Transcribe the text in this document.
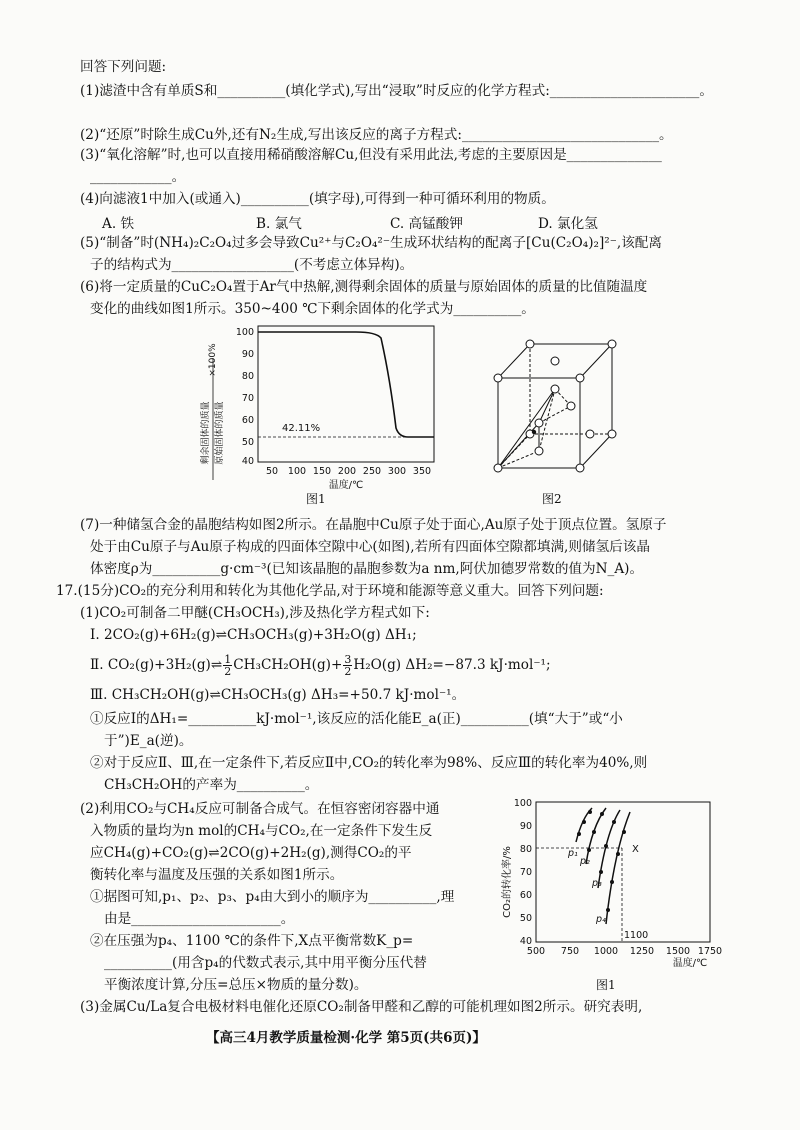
回答下列问题:
(1)滤渣中含有单质S和__________(填化学式),写出“浸取”时反应的化学方程式:______________________。
(2)“还原”时除生成Cu外,还有N₂生成,写出该反应的离子方程式:_____________________________。
(3)“氧化溶解”时,也可以直接用稀硝酸溶解Cu,但没有采用此法,考虑的主要原因是______________
____________。
(4)向滤液1中加入(或通入)__________(填字母),可得到一种可循环利用的物质。
A. 铁	B. 氯气	C. 高锰酸钾	D. 氯化氢
(5)“制备”时(NH₄)₂C₂O₄过多会导致Cu²⁺与C₂O₄²⁻生成环状结构的配离子[Cu(C₂O₄)₂]²⁻,该配离
子的结构式为__________________(不考虑立体异构)。
(6)将一定质量的CuC₂O₄置于Ar气中热解,测得剩余固体的质量与原始固体的质量的比值随温度
变化的曲线如图1所示。350~400 ℃下剩余固体的化学式为__________。
剩余固体的质量 原始固体的质量
×100%
100
90
80
70
60
50
40
50 100 150 200 250 300 350
温度/℃
42.11%
图1	图2
(7)一种储氢合金的晶胞结构如图2所示。在晶胞中Cu原子处于面心,Au原子处于顶点位置。氢原子
处于由Cu原子与Au原子构成的四面体空隙中心(如图),若所有四面体空隙都填满,则储氢后该晶
体密度ρ为__________g·cm⁻³(已知该晶胞的晶胞参数为a nm,阿伏加德罗常数的值为N_A)。
17.(15分)CO₂的充分利用和转化为其他化学品,对于环境和能源等意义重大。回答下列问题:
(1)CO₂可制备二甲醚(CH₃OCH₃),涉及热化学方程式如下:
Ⅰ. 2CO₂(g)+6H₂(g)⇌CH₃OCH₃(g)+3H₂O(g) ΔH₁;
Ⅱ. CO₂(g)+3H₂(g)⇌ $\frac{1}{2} CH_3CH_2OH(g)+ \frac{3}{2} H_2O(g)$ ΔH₂=−87.3 kJ·mol⁻¹;
Ⅲ. CH₃CH₂OH(g)⇌CH₃OCH₃(g) ΔH₃=+50.7 kJ·mol⁻¹。
①反应Ⅰ的ΔH₁=__________kJ·mol⁻¹,该反应的活化能E_a(正)__________(填“大于”或“小
于”)E_a(逆)。
②对于反应Ⅱ、Ⅲ,在一定条件下,若反应Ⅱ中,CO₂的转化率为98%、反应Ⅲ的转化率为40%,则
CH₃CH₂OH的产率为__________。
(2)利用CO₂与CH₄反应可制备合成气。在恒容密闭容器中通
入物质的量均为n mol的CH₄与CO₂,在一定条件下发生反
应CH₄(g)+CO₂(g)⇌2CO(g)+2H₂(g),测得CO₂的平
衡转化率与温度及压强的关系如图1所示。
①据图可知,p₁、p₂、p₃、p₄由大到小的顺序为__________,理
由是______________________。
②在压强为p₄、1100 ℃的条件下,X点平衡常数K_p=
__________(用含p₄的代数式表示,其中用平衡分压代替
平衡浓度计算,分压=总压×物质的量分数)。
CO₂的转化率/%
100
90
80
70
60
50
40
500 750 1000 1250 1500 1750
温度/℃
p₁
p₂
p₃
p₄
X
1100
图1
(3)金属Cu/La复合电极材料电催化还原CO₂制备甲醛和乙醇的可能机理如图2所示。研究表明,
【高三4月教学质量检测·化学 第5页(共6页)】
